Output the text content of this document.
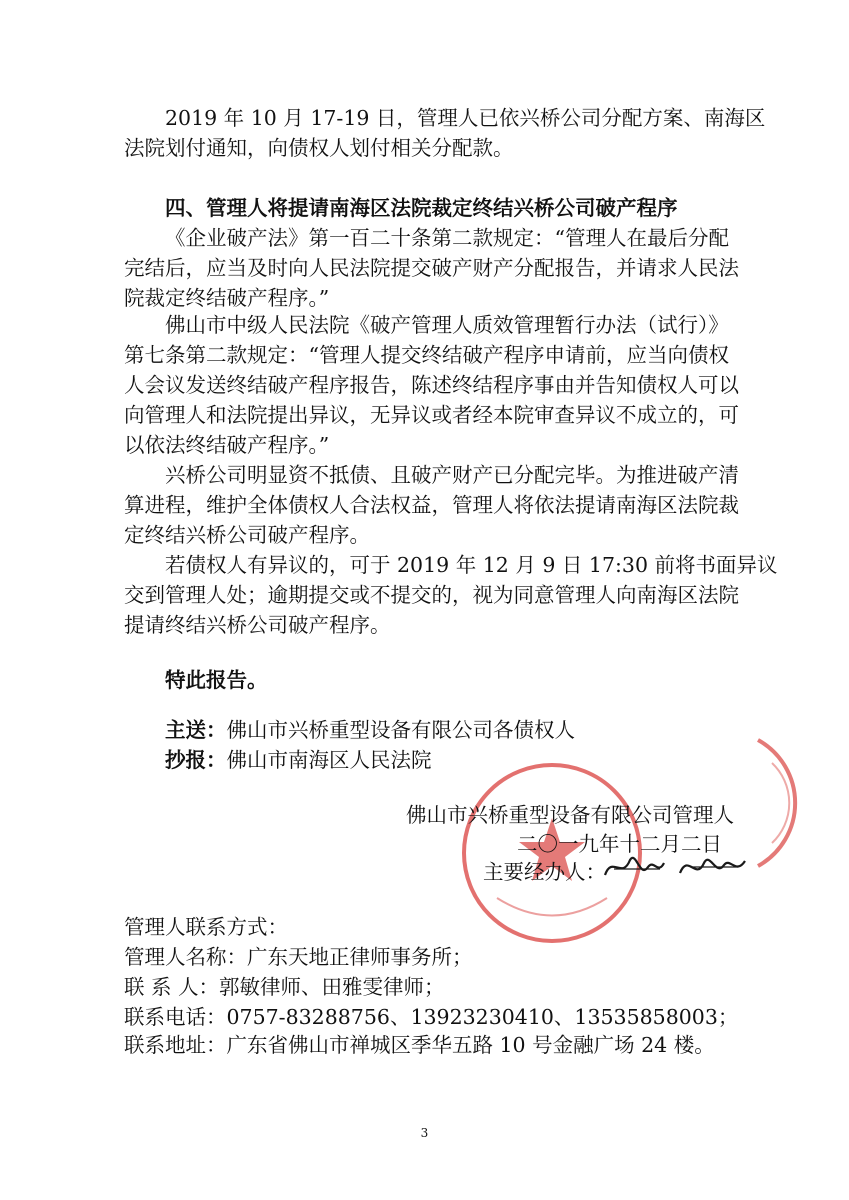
2019 年 10 月 17-19 日，管理人已依兴桥公司分配方案、南海区
法院划付通知，向债权人划付相关分配款。
四、管理人将提请南海区法院裁定终结兴桥公司破产程序
《企业破产法》第一百二十条第二款规定：“管理人在最后分配
完结后，应当及时向人民法院提交破产财产分配报告，并请求人民法
院裁定终结破产程序。”
佛山市中级人民法院《破产管理人质效管理暂行办法（试行）》
第七条第二款规定：“管理人提交终结破产程序申请前，应当向债权
人会议发送终结破产程序报告，陈述终结程序事由并告知债权人可以
向管理人和法院提出异议，无异议或者经本院审查异议不成立的，可
以依法终结破产程序。”
兴桥公司明显资不抵债、且破产财产已分配完毕。为推进破产清
算进程，维护全体债权人合法权益，管理人将依法提请南海区法院裁
定终结兴桥公司破产程序。
若债权人有异议的，可于 2019 年 12 月 9 日 17:30 前将书面异议
交到管理人处；逾期提交或不提交的，视为同意管理人向南海区法院
提请终结兴桥公司破产程序。
特此报告。
主送：佛山市兴桥重型设备有限公司各债权人
抄报：佛山市南海区人民法院
佛山市兴桥重型设备有限公司管理人
二〇一九年十二月二日
主要经办人：
管理人联系方式：
管理人名称：广东天地正律师事务所；
联 系 人：郭敏律师、田雅雯律师；
联系电话：0757-83288756、13923230410、13535858003；
联系地址：广东省佛山市禅城区季华五路 10 号金融广场 24 楼。
3
